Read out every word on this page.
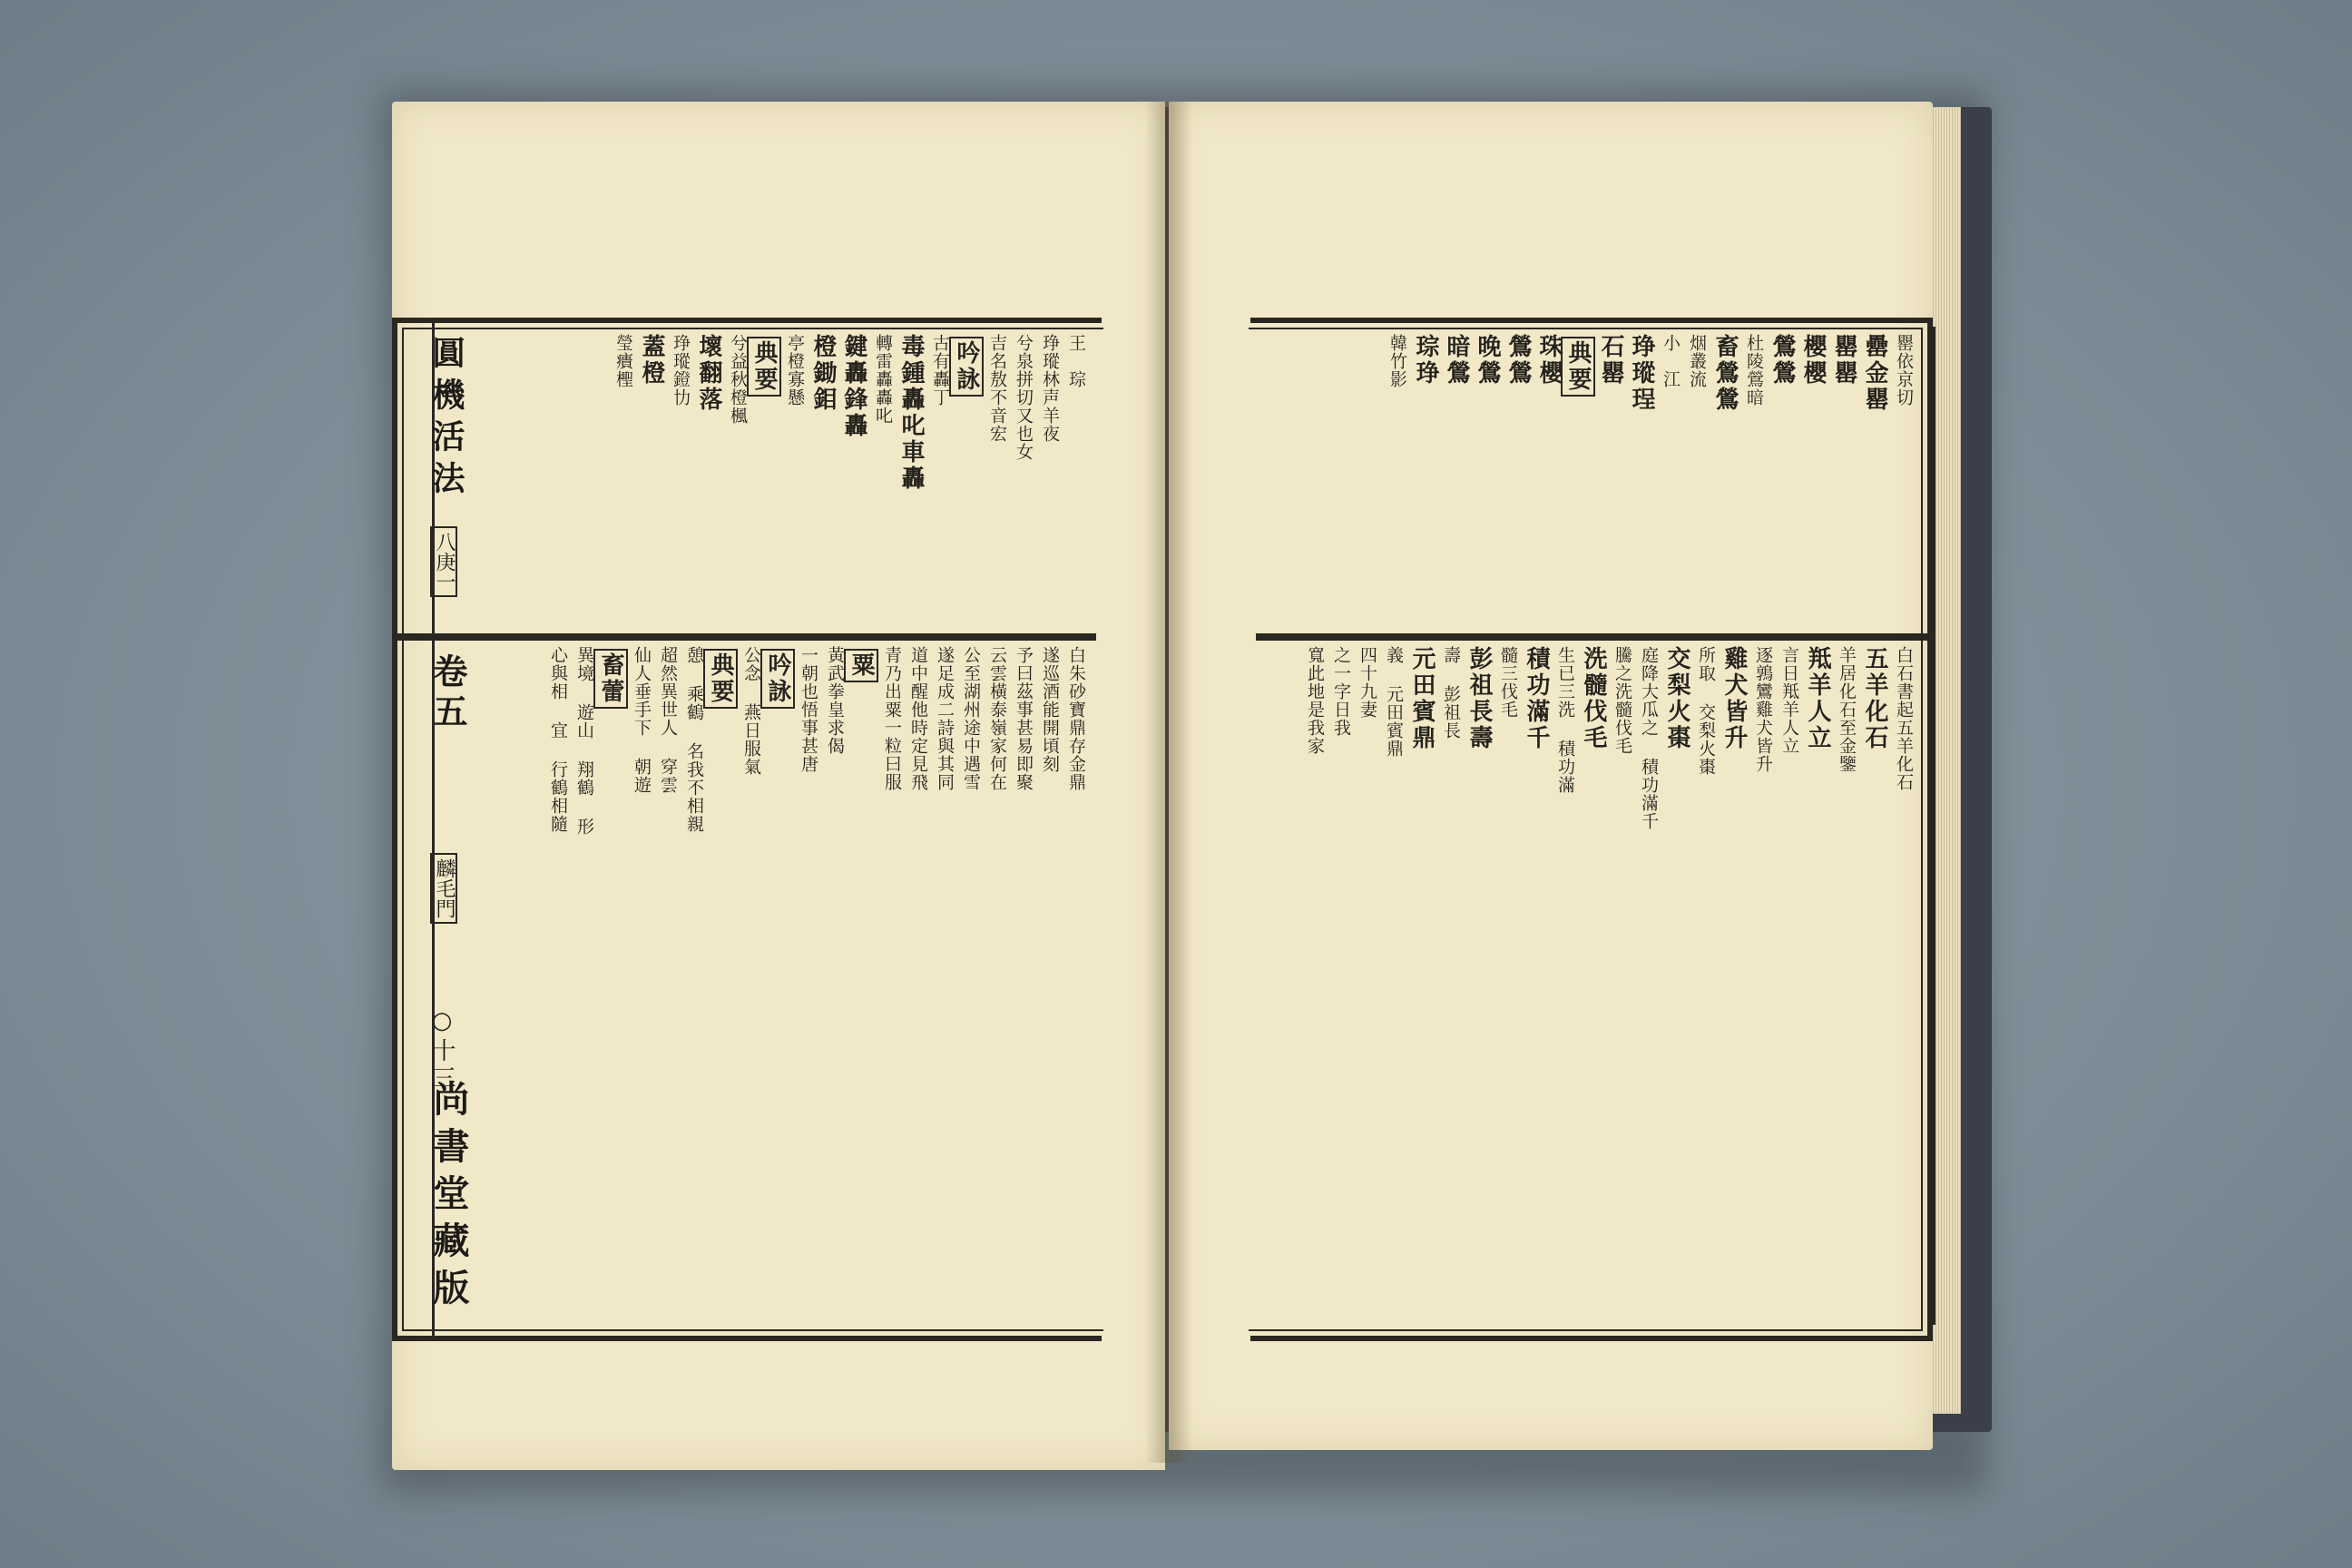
圓機活法
八庚一
卷五
麟毛門
○十三
尚書堂藏版
王　琮
琤瑽林声羊夜
兮泉拼切又也女
吉名敖不音宏
吟詠
古有轟丁
毒鍾轟叱車轟
轉雷轟轟叱
鍵轟鋒轟
橙鋤鉬
亭橙寡懸
典要
兮益秋橙楓
壞翻落
琤瑽鐙㔹
蓋橙
瑩㿉檉
白朱砂寶鼎存金鼎
遂巡酒能開頃刻
予曰茲事甚易即聚
云雲橫泰嶺家何在
公至湖州途中遇雪
遂足成二詩與其同
道中醒他時定見飛
青乃出粟一粒曰服
粟
黃武拳皇求偈
一朝也悟事甚唐
吟詠
公念 燕日服氣
典要
憩 乘鶴 名我不相親
超然異世人 穿雲
仙人垂手下 朝遊
畜蕾
異境 遊山 翔鶴 形
心與相 宜 行鶴相隨
罌依京切
罍金罌
罌罌
櫻櫻
鶯鶯
杜陵鶯暗
畜鶯鶯
烟叢流
小　江
琤瑽珵
石罌
典要
珠櫻
鶯鶯
晚鶯
暗鶯
琮琤
韓竹影
白石書起五羊化石
五羊化石
羊居化石至金鑒
羝羊人立
言日羝羊人立
逐鶉鸞雞犬皆升
雞犬皆升
所取 交梨火棗
交梨火棗
庭降大瓜之 積功滿千
騰之洗髓伐毛
洗髓伐毛
生已三洗 積功滿
積功滿千
髓三伐毛
彭祖長壽
壽 彭祖長
元田賓鼎
義 元田賓鼎
四十九妻
之一字日我
寬此地是我家
